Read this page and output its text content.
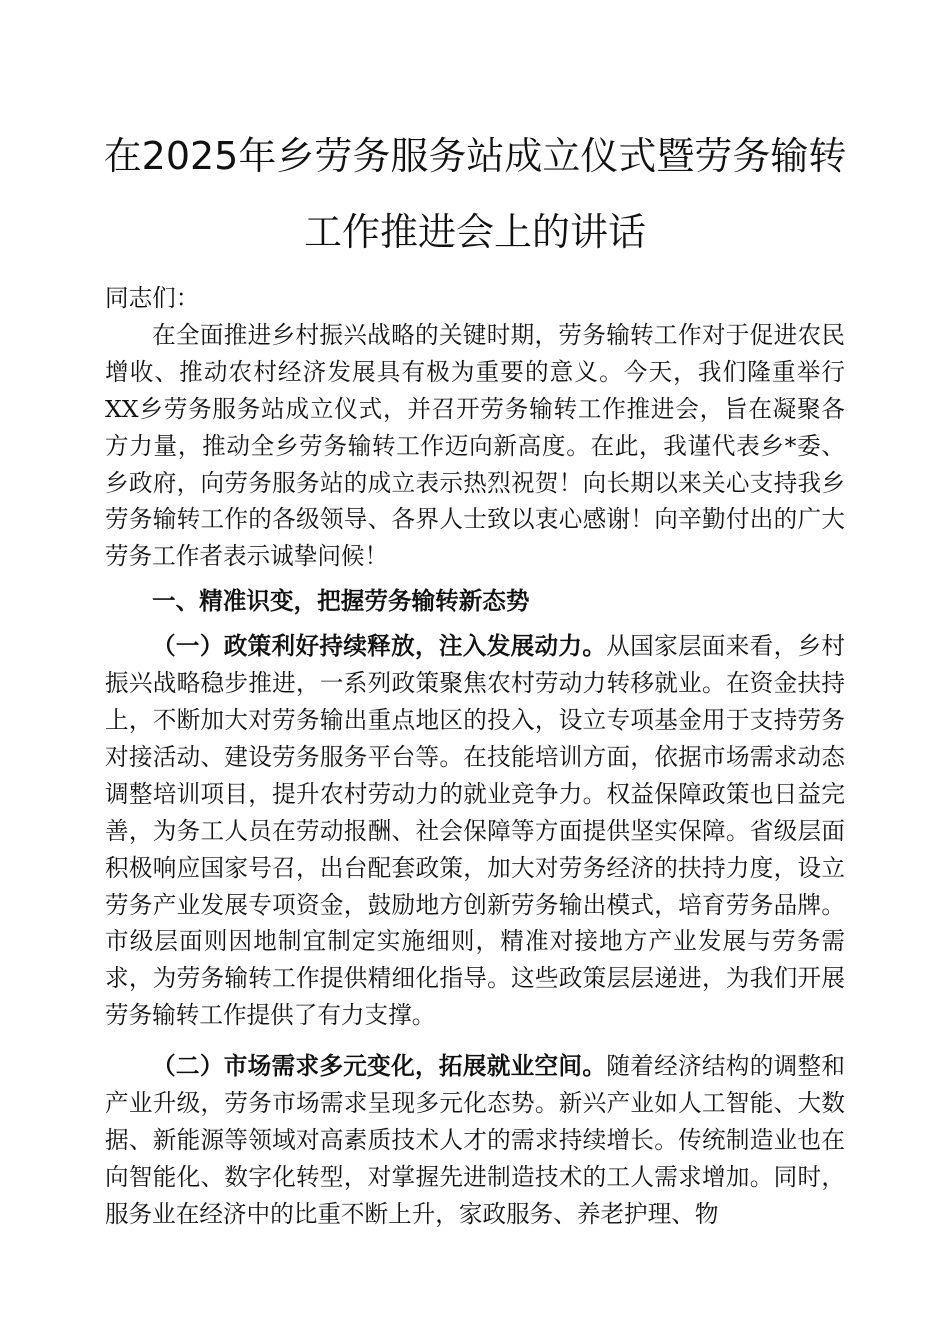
在2025年乡劳务服务站成立仪式暨劳务输转工作推进会上的讲话

同志们：

在全面推进乡村振兴战略的关键时期，劳务输转工作对于促进农民增收、推动农村经济发展具有极为重要的意义。今天，我们隆重举行XX乡劳务服务站成立仪式，并召开劳务输转工作推进会，旨在凝聚各方力量，推动全乡劳务输转工作迈向新高度。在此，我谨代表乡*委、乡政府，向劳务服务站的成立表示热烈祝贺！向长期以来关心支持我乡劳务输转工作的各级领导、各界人士致以衷心感谢！向辛勤付出的广大劳务工作者表示诚挚问候！

一、精准识变，把握劳务输转新态势

（一）政策利好持续释放，注入发展动力。从国家层面来看，乡村振兴战略稳步推进，一系列政策聚焦农村劳动力转移就业。在资金扶持上，不断加大对劳务输出重点地区的投入，设立专项基金用于支持劳务对接活动、建设劳务服务平台等。在技能培训方面，依据市场需求动态调整培训项目，提升农村劳动力的就业竞争力。权益保障政策也日益完善，为务工人员在劳动报酬、社会保障等方面提供坚实保障。省级层面积极响应国家号召，出台配套政策，加大对劳务经济的扶持力度，设立劳务产业发展专项资金，鼓励地方创新劳务输出模式，培育劳务品牌。市级层面则因地制宜制定实施细则，精准对接地方产业发展与劳务需求，为劳务输转工作提供精细化指导。这些政策层层递进，为我们开展劳务输转工作提供了有力支撑。

（二）市场需求多元变化，拓展就业空间。随着经济结构的调整和产业升级，劳务市场需求呈现多元化态势。新兴产业如人工智能、大数据、新能源等领域对高素质技术人才的需求持续增长。传统制造业也在向智能化、数字化转型，对掌握先进制造技术的工人需求增加。同时，服务业在经济中的比重不断上升，家政服务、养老护理、物
